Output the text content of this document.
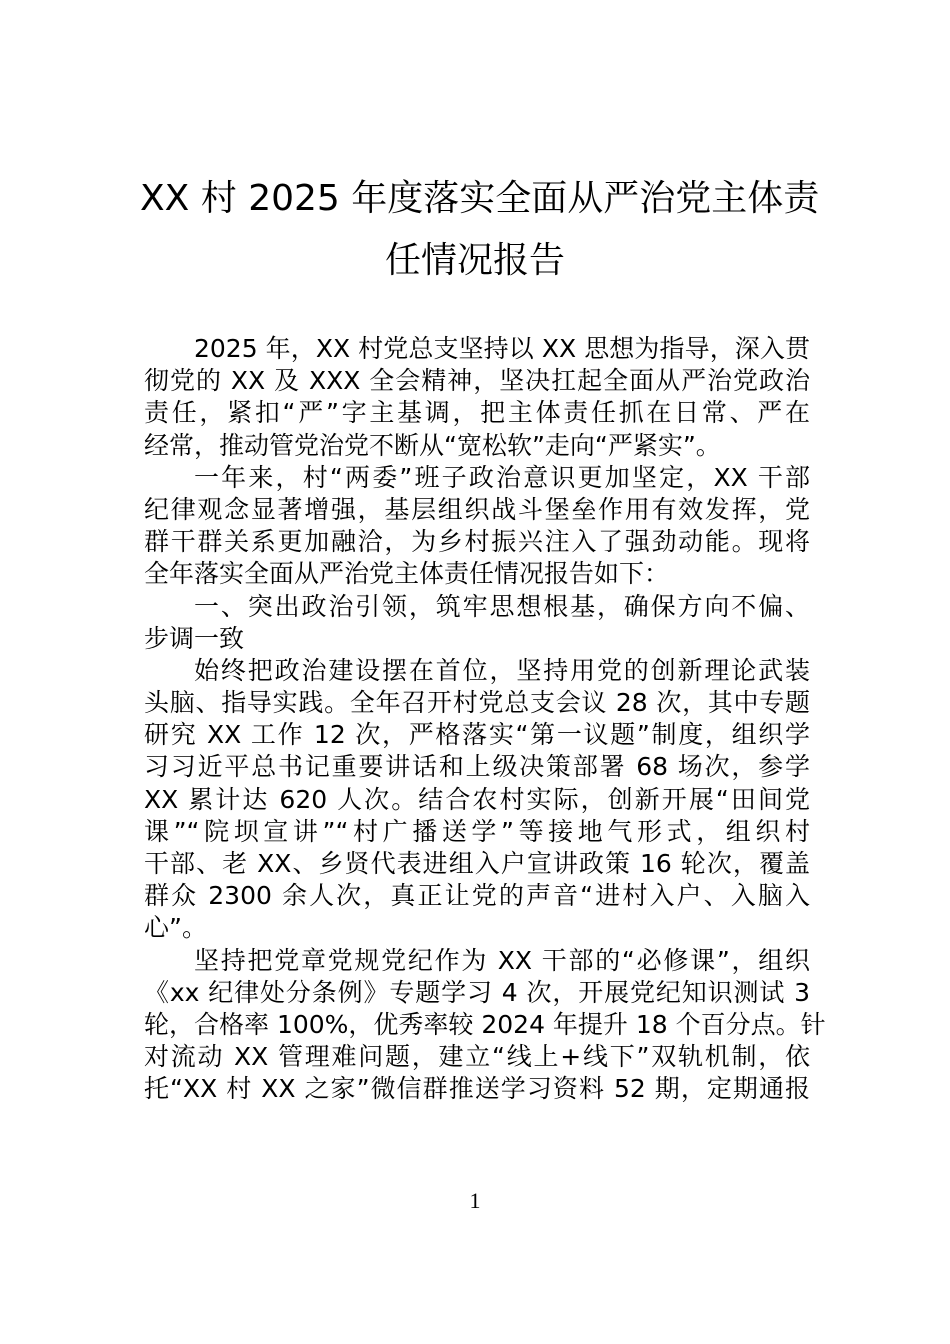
XX 村 2025 年度落实全面从严治党主体责
任情况报告
2025 年，XX 村党总支坚持以 XX 思想为指导，深入贯
彻党的 XX 及 XXX 全会精神，坚决扛起全面从严治党政治
责任，紧扣“严”字主基调，把主体责任抓在日常、严在
经常，推动管党治党不断从“宽松软”走向“严紧实”。
一年来，村“两委”班子政治意识更加坚定，XX 干部
纪律观念显著增强，基层组织战斗堡垒作用有效发挥，党
群干群关系更加融洽，为乡村振兴注入了强劲动能。现将
全年落实全面从严治党主体责任情况报告如下：
一、突出政治引领，筑牢思想根基，确保方向不偏、
步调一致
始终把政治建设摆在首位，坚持用党的创新理论武装
头脑、指导实践。全年召开村党总支会议 28 次，其中专题
研究 XX 工作 12 次，严格落实“第一议题”制度，组织学
习习近平总书记重要讲话和上级决策部署 68 场次，参学
XX 累计达 620 人次。结合农村实际，创新开展“田间党
课”“院坝宣讲”“村广播送学”等接地气形式，组织村
干部、老 XX、乡贤代表进组入户宣讲政策 16 轮次，覆盖
群众 2300 余人次，真正让党的声音“进村入户、入脑入
心”。
坚持把党章党规党纪作为 XX 干部的“必修课”，组织
《xx 纪律处分条例》专题学习 4 次，开展党纪知识测试 3
轮，合格率 100%，优秀率较 2024 年提升 18 个百分点。针
对流动 XX 管理难问题，建立“线上+线下”双轨机制，依
托“XX 村 XX 之家”微信群推送学习资料 52 期，定期通报
1
